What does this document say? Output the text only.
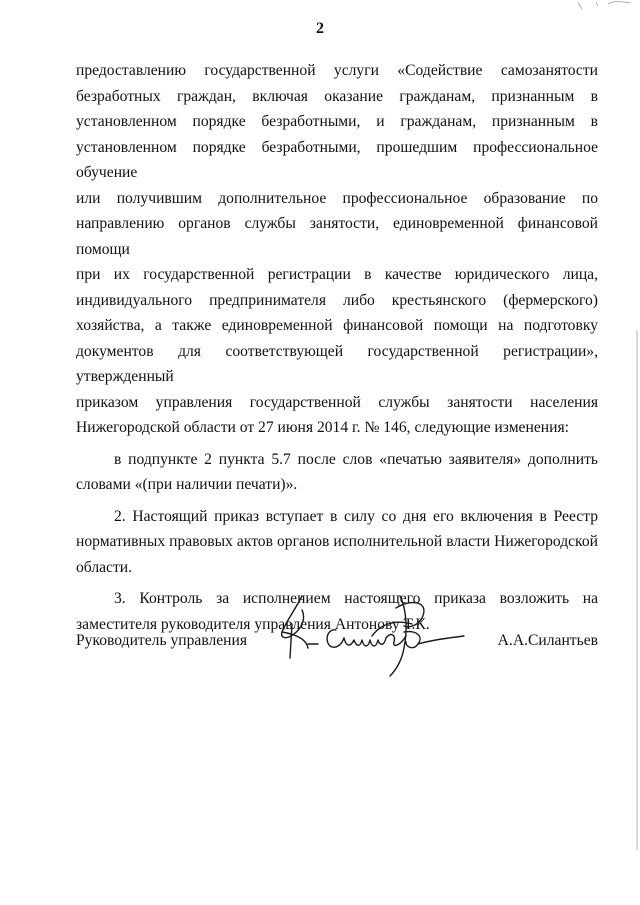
2

предоставлению государственной услуги «Содействие самозанятости

безработных граждан, включая оказание гражданам, признанным в

установленном порядке безработными, и гражданам, признанным в

установленном порядке безработными, прошедшим профессиональное обучение

или получившим дополнительное профессиональное образование по

направлению органов службы занятости, единовременной финансовой помощи

при их государственной регистрации в качестве юридического лица,

индивидуального предпринимателя либо крестьянского (фермерского)

хозяйства, а также единовременной финансовой помощи на подготовку

документов для соответствующей государственной регистрации», утвержденный

приказом управления государственной службы занятости населения

Нижегородской области от 27 июня 2014 г. № 146, следующие изменения:

в подпункте 2 пункта 5.7 после слов «печатью заявителя» дополнить словами «(при наличии печати)».

2. Настоящий приказ вступает в силу со дня его включения в Реестр нормативных правовых актов органов исполнительной власти Нижегородской области.

3. Контроль за исполнением настоящего приказа возложить на заместителя руководителя управления Антонову Т.К.

Руководитель управления	А.А.Силантьев
